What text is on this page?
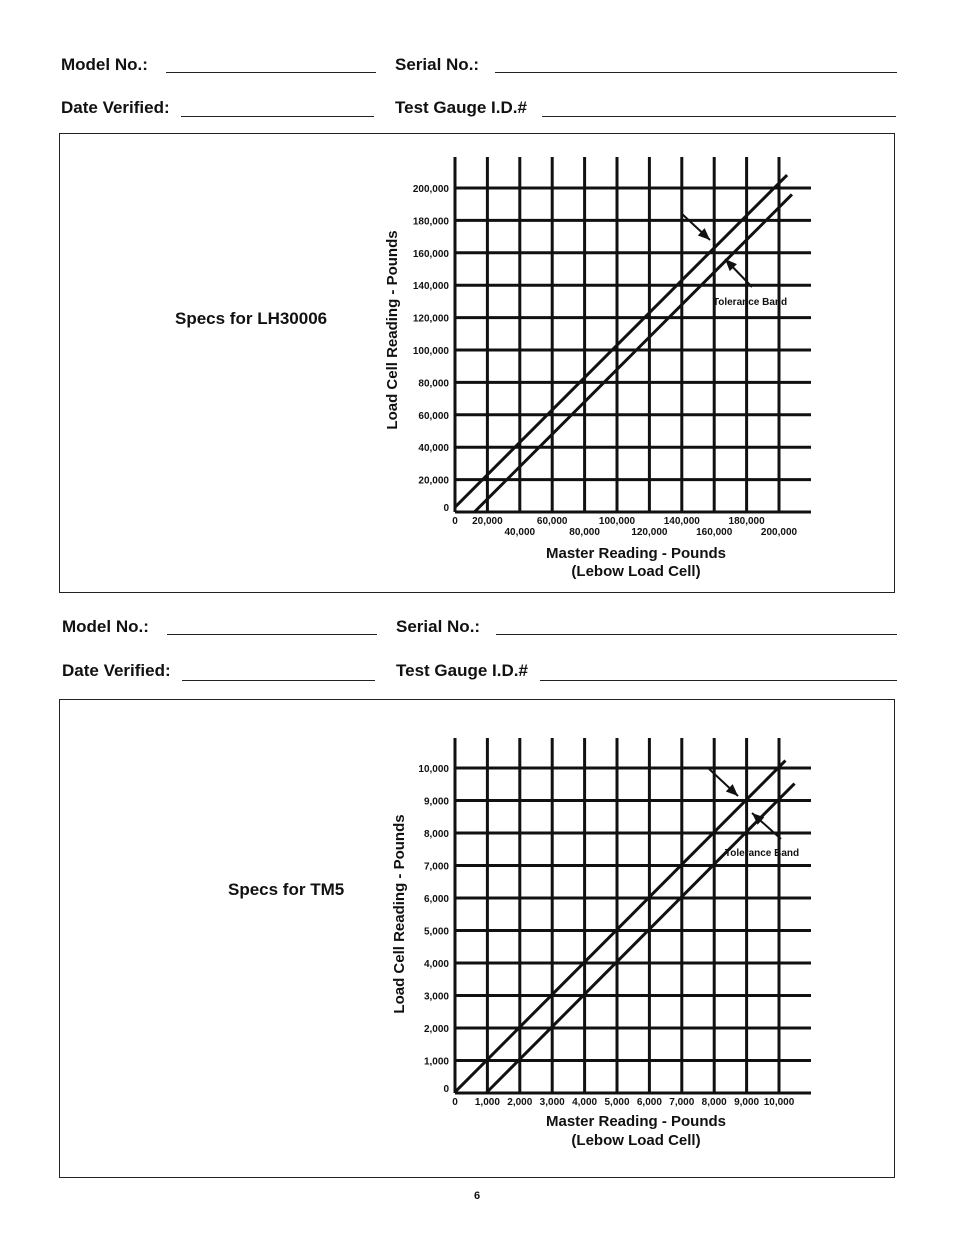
Model No.:	Serial No.:
Date Verified:	Test Gauge I.D.#
Specs for LH30006
Model No.:	Serial No.:
Date Verified:	Test Gauge I.D.#
Specs for TM5
0
20,000
40,000
60,000
80,000
100,000
120,000
140,000
160,000
180,000
200,000
0 20,000
40,000
60,000
80,000
100,000
120,000
140,000
160,000
180,000
200,000
Tolerance Band
Load Cell Reading - Pounds
Master Reading - Pounds
(Lebow Load Cell)
0
1,000
2,000
3,000
4,000
5,000
6,000
7,000
8,000
9,000
10,000
0 1,000 2,000 3,000 4,000 5,000 6,000 7,000 8,000 9,000 10,000
Tolerance Band
Load Cell Reading - Pounds
Master Reading - Pounds
(Lebow Load Cell)
6
